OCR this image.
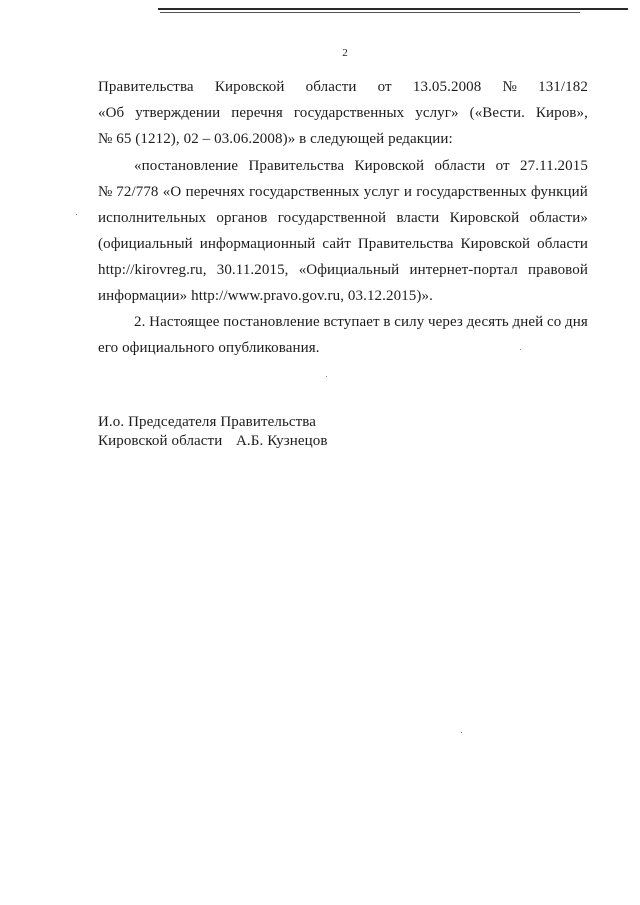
2
Правительства Кировской области от 13.05.2008 № 131/182
«Об утверждении перечня государственных услуг» («Вести. Киров»,
№ 65 (1212), 02 – 03.06.2008)» в следующей редакции:
«постановление Правительства Кировской области от 27.11.2015
№ 72/778 «О перечнях государственных услуг и государственных функций
исполнительных органов государственной власти Кировской области»
(официальный информационный сайт Правительства Кировской области
http://kirovreg.ru, 30.11.2015, «Официальный интернет-портал правовой
информации» http://www.pravo.gov.ru, 03.12.2015)».
2. Настоящее постановление вступает в силу через десять дней со дня
его официального опубликования.
И.о. Председателя Правительства
Кировской области А.Б. Кузнецов
